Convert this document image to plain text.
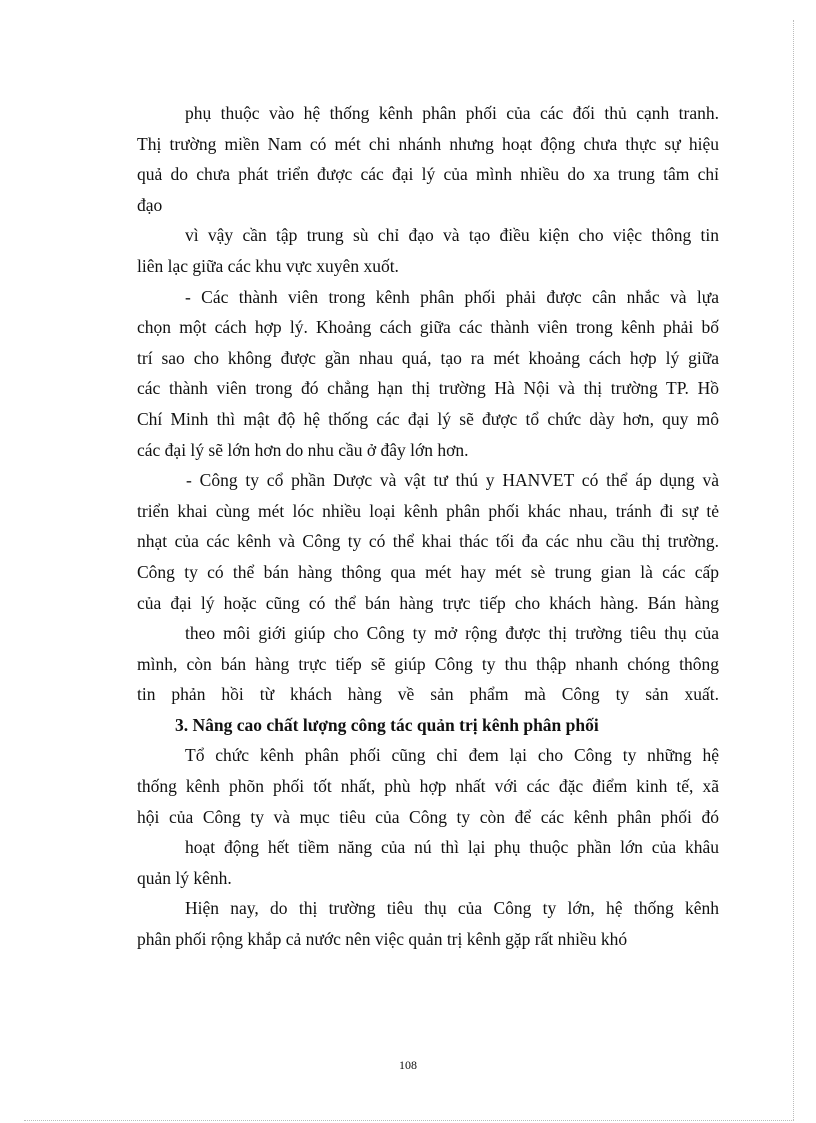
phụ thuộc vào hệ thống kênh phân phối của các đối thủ cạnh tranh.
Thị trường miền Nam có mét chi nhánh nhưng hoạt động chưa thực sự hiệu
quả do chưa phát triển được các đại lý của mình nhiều do xa trung tâm chỉ
đạo
vì vậy cần tập trung sù chỉ đạo và tạo điều kiện cho việc thông tin
liên lạc giữa các khu vực xuyên xuốt.
- Các thành viên trong kênh phân phối phải được cân nhắc và lựa
chọn một cách hợp lý. Khoảng cách giữa các thành viên trong kênh phải bố
trí sao cho không được gần nhau quá, tạo ra mét khoảng cách hợp lý giữa
các thành viên trong đó chẳng hạn thị trường Hà Nội và thị trường TP. Hồ
Chí Minh thì mật độ hệ thống các đại lý sẽ được tổ chức dày hơn, quy mô
các đại lý sẽ lớn hơn do nhu cầu ở đây lớn hơn.
- Công ty cổ phần Dược và vật tư thú y HANVET có thể áp dụng và
triển khai cùng mét lóc nhiều loại kênh phân phối khác nhau, tránh đi sự tẻ
nhạt của các kênh và Công ty có thể khai thác tối đa các nhu cầu thị trường.
Công ty có thể bán hàng thông qua mét hay mét sè trung gian là các cấp
của đại lý hoặc cũng có thể bán hàng trực tiếp cho khách hàng. Bán hàng
theo môi giới giúp cho Công ty mở rộng được thị trường tiêu thụ của
mình, còn bán hàng trực tiếp sẽ giúp Công ty thu thập nhanh chóng thông
tin phản hồi từ khách hàng về sản phẩm mà Công ty sản xuất.
3. Nâng cao chất lượng công tác quản trị kênh phân phối
Tổ chức kênh phân phối cũng chỉ đem lại cho Công ty những hệ
thống kênh phõn phối tốt nhất, phù hợp nhất với các đặc điểm kinh tế, xã
hội của Công ty và mục tiêu của Công ty còn để các kênh phân phối đó
hoạt động hết tiềm năng của nú thì lại phụ thuộc phần lớn của khâu
quản lý kênh.
Hiện nay, do thị trường tiêu thụ của Công ty lớn, hệ thống kênh
phân phối rộng khắp cả nước nên việc quản trị kênh gặp rất nhiều khó
108
